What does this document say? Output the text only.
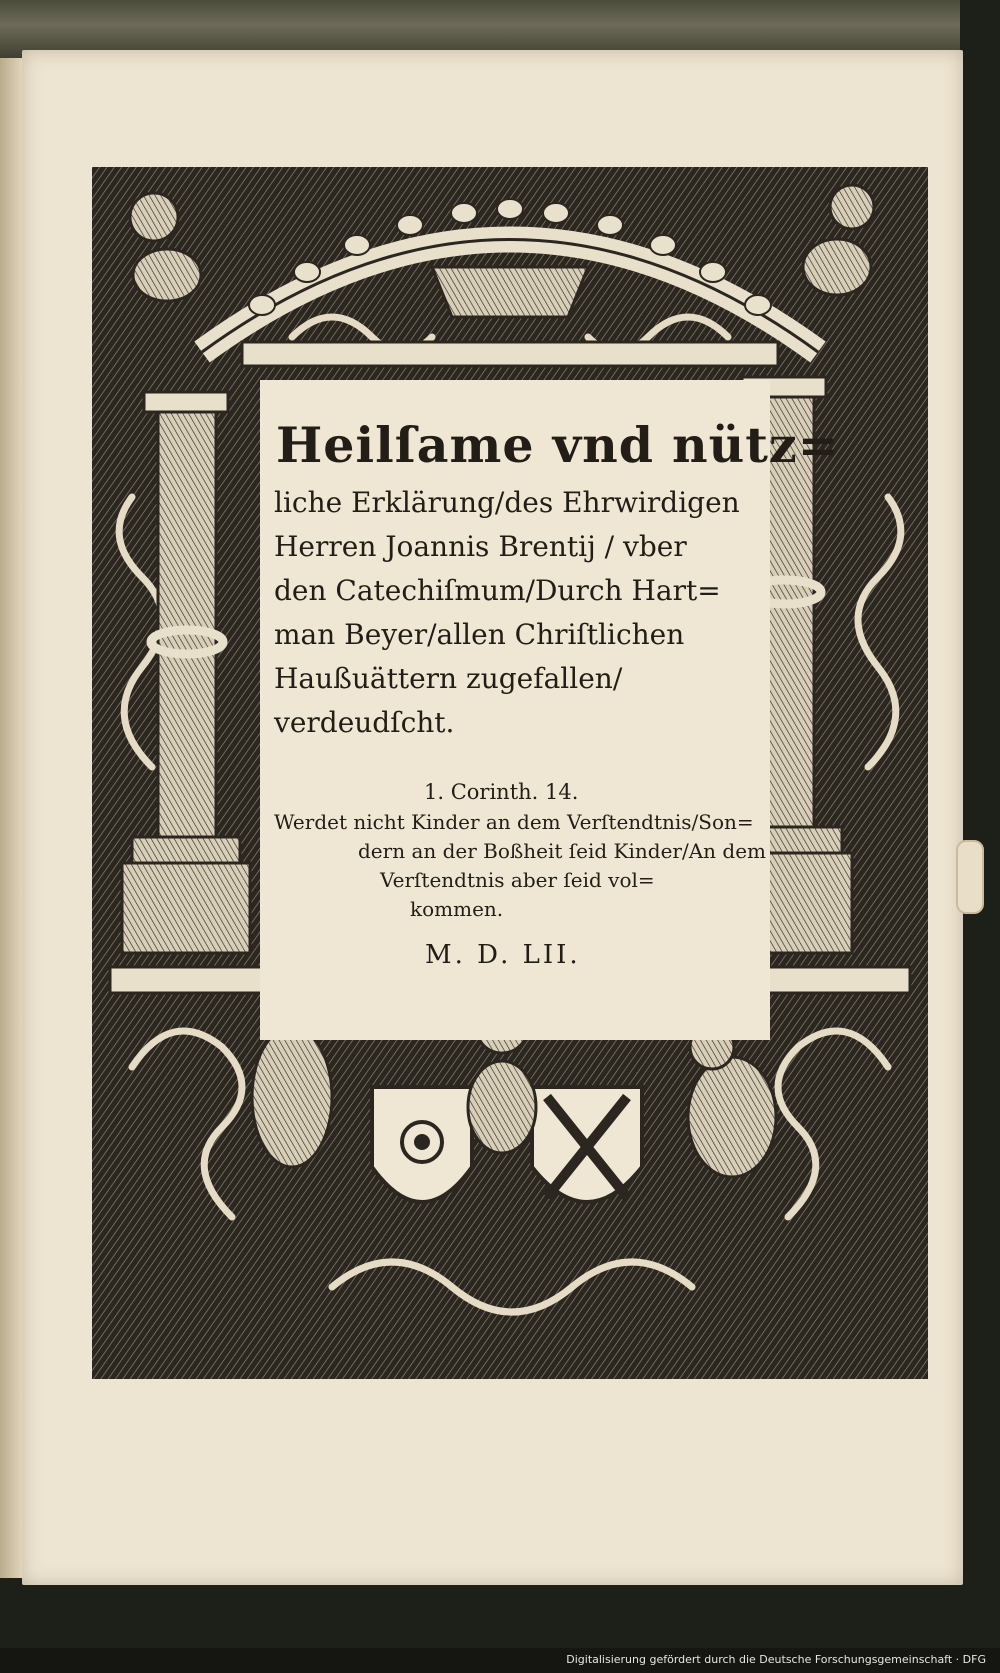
Heilſame vnd nütz=
liche Erklärung/des Ehrwirdigen
Herren Joannis Brentij / vber
den Catechiſmum/Durch Hart=
man Beyer/allen Chriſtlichen
Haußuättern zugefallen/
verdeudſcht.
1. Corinth. 14.
Werdet nicht Kinder an dem Verſtendtnis/Son=
dern an der Boßheit ſeid Kinder/An dem
Verſtendtnis aber ſeid vol=
kommen.
M. D. LII.
Digitalisierung gefördert durch die Deutsche Forschungsgemeinschaft · DFG
